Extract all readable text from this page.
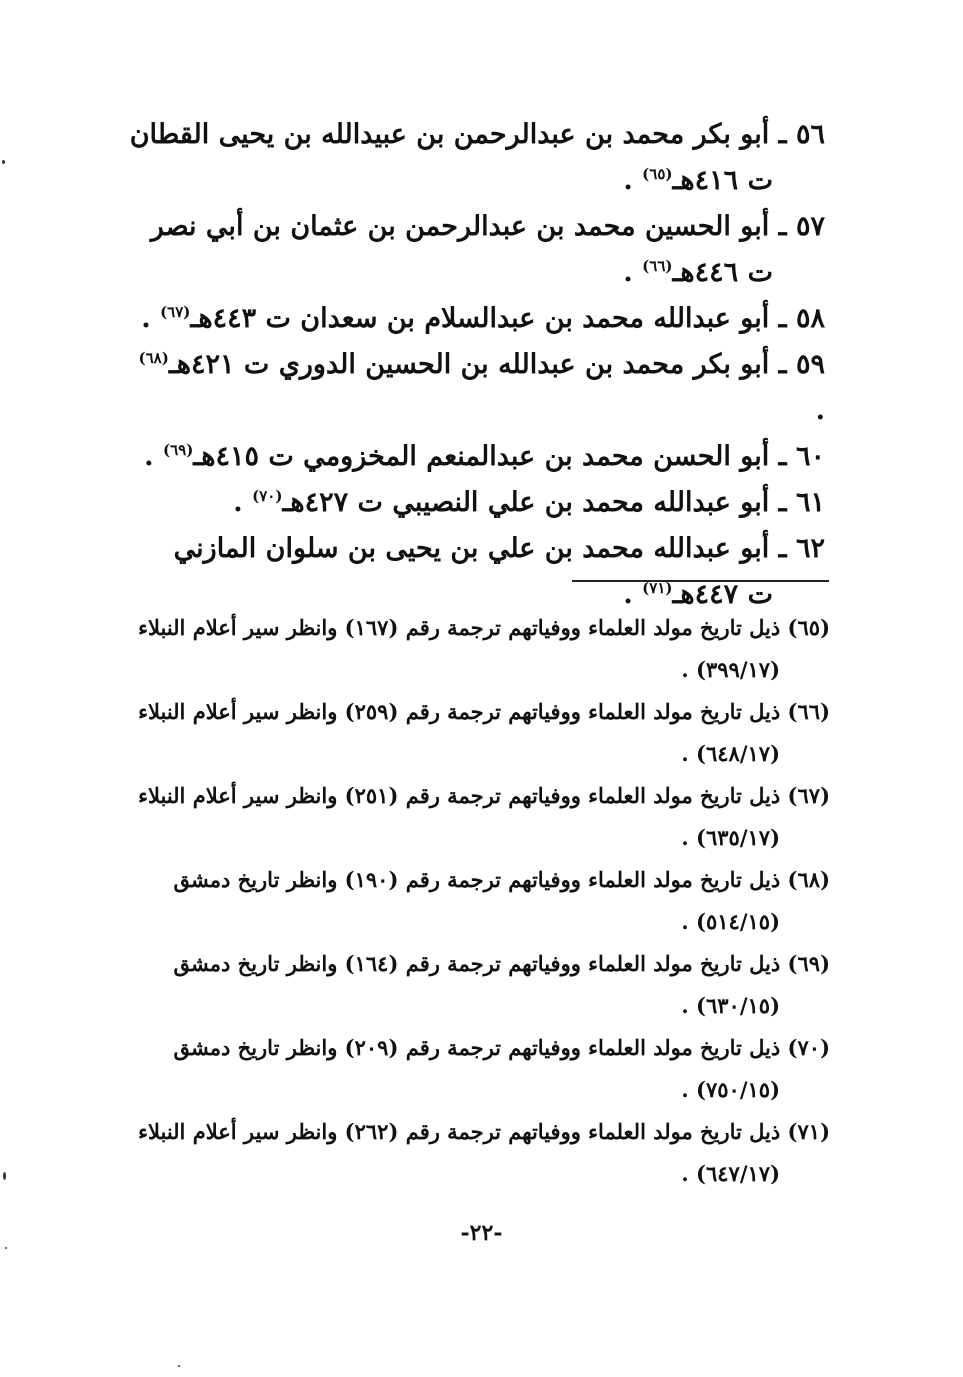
٥٦ ـ أبو بكر محمد بن عبدالرحمن بن عبيدالله بن يحيى القطان
ت ٤١٦هـ$^{(٦٥)}$ .
٥٧ ـ أبو الحسين محمد بن عبدالرحمن بن عثمان بن أبي نصر
ت ٤٤٦هـ$^{(٦٦)}$ .
٥٨ ـ أبو عبدالله محمد بن عبدالسلام بن سعدان ت ٤٤٣هـ$^{(٦٧)}$ .
٥٩ ـ أبو بكر محمد بن عبدالله بن الحسين الدوري ت ٤٢١هـ$^{(٦٨)}$ .
٦٠ ـ أبو الحسن محمد بن عبدالمنعم المخزومي ت ٤١٥هـ$^{(٦٩)}$ .
٦١ ـ أبو عبدالله محمد بن علي النصيبي ت ٤٢٧هـ$^{(٧٠)}$ .
٦٢ ـ أبو عبدالله محمد بن علي بن يحيى بن سلوان المازني
ت ٤٤٧هـ$^{(٧١)}$ .
(٦٥) ذيل تاريخ مولد العلماء ووفياتهم ترجمة رقم (١٦٧) وانظر سير أعلام النبلاء
(٣٩٩/١٧) .
(٦٦) ذيل تاريخ مولد العلماء ووفياتهم ترجمة رقم (٢٥٩) وانظر سير أعلام النبلاء
(٦٤٨/١٧) .
(٦٧) ذيل تاريخ مولد العلماء ووفياتهم ترجمة رقم (٢٥١) وانظر سير أعلام النبلاء
(٦٣٥/١٧) .
(٦٨) ذيل تاريخ مولد العلماء ووفياتهم ترجمة رقم (١٩٠) وانظر تاريخ دمشق
(٥١٤/١٥) .
(٦٩) ذيل تاريخ مولد العلماء ووفياتهم ترجمة رقم (١٦٤) وانظر تاريخ دمشق
(٦٣٠/١٥) .
(٧٠) ذيل تاريخ مولد العلماء ووفياتهم ترجمة رقم (٢٠٩) وانظر تاريخ دمشق
(٧٥٠/١٥) .
(٧١) ذيل تاريخ مولد العلماء ووفياتهم ترجمة رقم (٢٦٢) وانظر سير أعلام النبلاء
(٦٤٧/١٧) .
-٢٢-
